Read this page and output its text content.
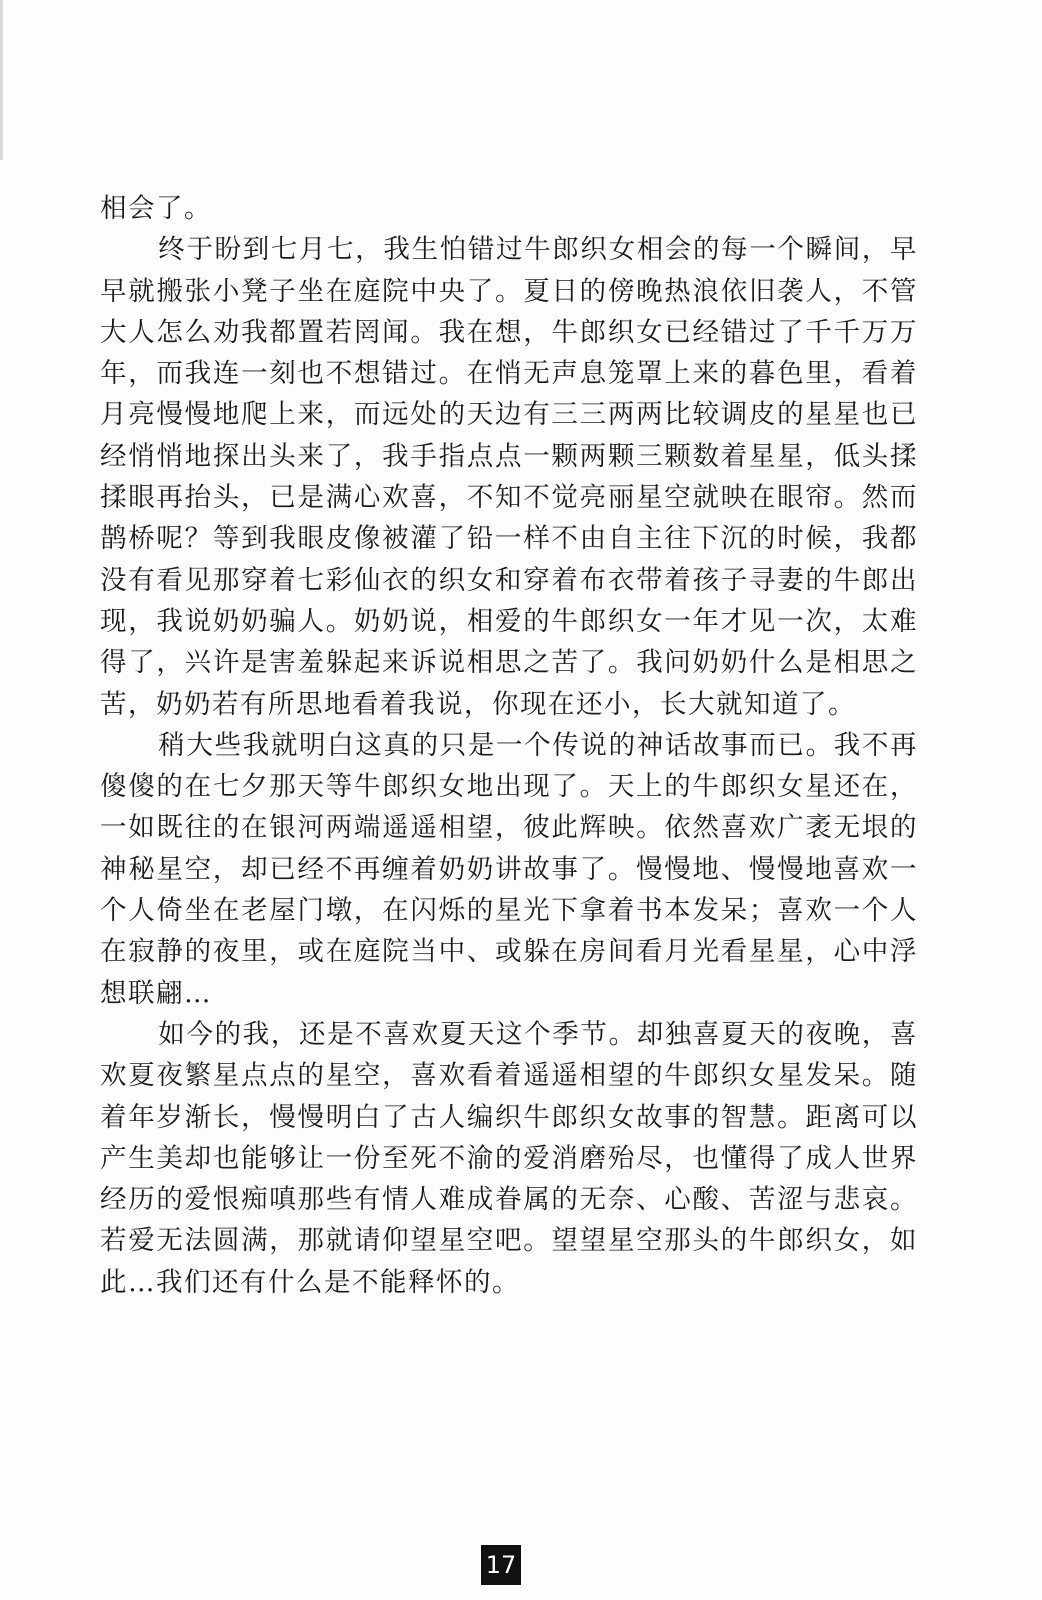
相会了。

终于盼到七月七，我生怕错过牛郎织女相会的每一个瞬间，早早就搬张小凳子坐在庭院中央了。夏日的傍晚热浪依旧袭人，不管大人怎么劝我都置若罔闻。我在想，牛郎织女已经错过了千千万万年，而我连一刻也不想错过。在悄无声息笼罩上来的暮色里，看着月亮慢慢地爬上来，而远处的天边有三三两两比较调皮的星星也已经悄悄地探出头来了，我手指点点一颗两颗三颗数着星星，低头揉揉眼再抬头，已是满心欢喜，不知不觉亮丽星空就映在眼帘。然而鹊桥呢？等到我眼皮像被灌了铅一样不由自主往下沉的时候，我都没有看见那穿着七彩仙衣的织女和穿着布衣带着孩子寻妻的牛郎出现，我说奶奶骗人。奶奶说，相爱的牛郎织女一年才见一次，太难得了，兴许是害羞躲起来诉说相思之苦了。我问奶奶什么是相思之苦，奶奶若有所思地看着我说，你现在还小，长大就知道了。

稍大些我就明白这真的只是一个传说的神话故事而已。我不再傻傻的在七夕那天等牛郎织女地出现了。天上的牛郎织女星还在，一如既往的在银河两端遥遥相望，彼此辉映。依然喜欢广袤无垠的神秘星空，却已经不再缠着奶奶讲故事了。慢慢地、慢慢地喜欢一个人倚坐在老屋门墩，在闪烁的星光下拿着书本发呆；喜欢一个人在寂静的夜里，或在庭院当中、或躲在房间看月光看星星，心中浮想联翩…

如今的我，还是不喜欢夏天这个季节。却独喜夏天的夜晚，喜欢夏夜繁星点点的星空，喜欢看着遥遥相望的牛郎织女星发呆。随着年岁渐长，慢慢明白了古人编织牛郎织女故事的智慧。距离可以产生美却也能够让一份至死不渝的爱消磨殆尽，也懂得了成人世界经历的爱恨痴嗔那些有情人难成眷属的无奈、心酸、苦涩与悲哀。若爱无法圆满，那就请仰望星空吧。望望星空那头的牛郎织女，如此…我们还有什么是不能释怀的。

17
